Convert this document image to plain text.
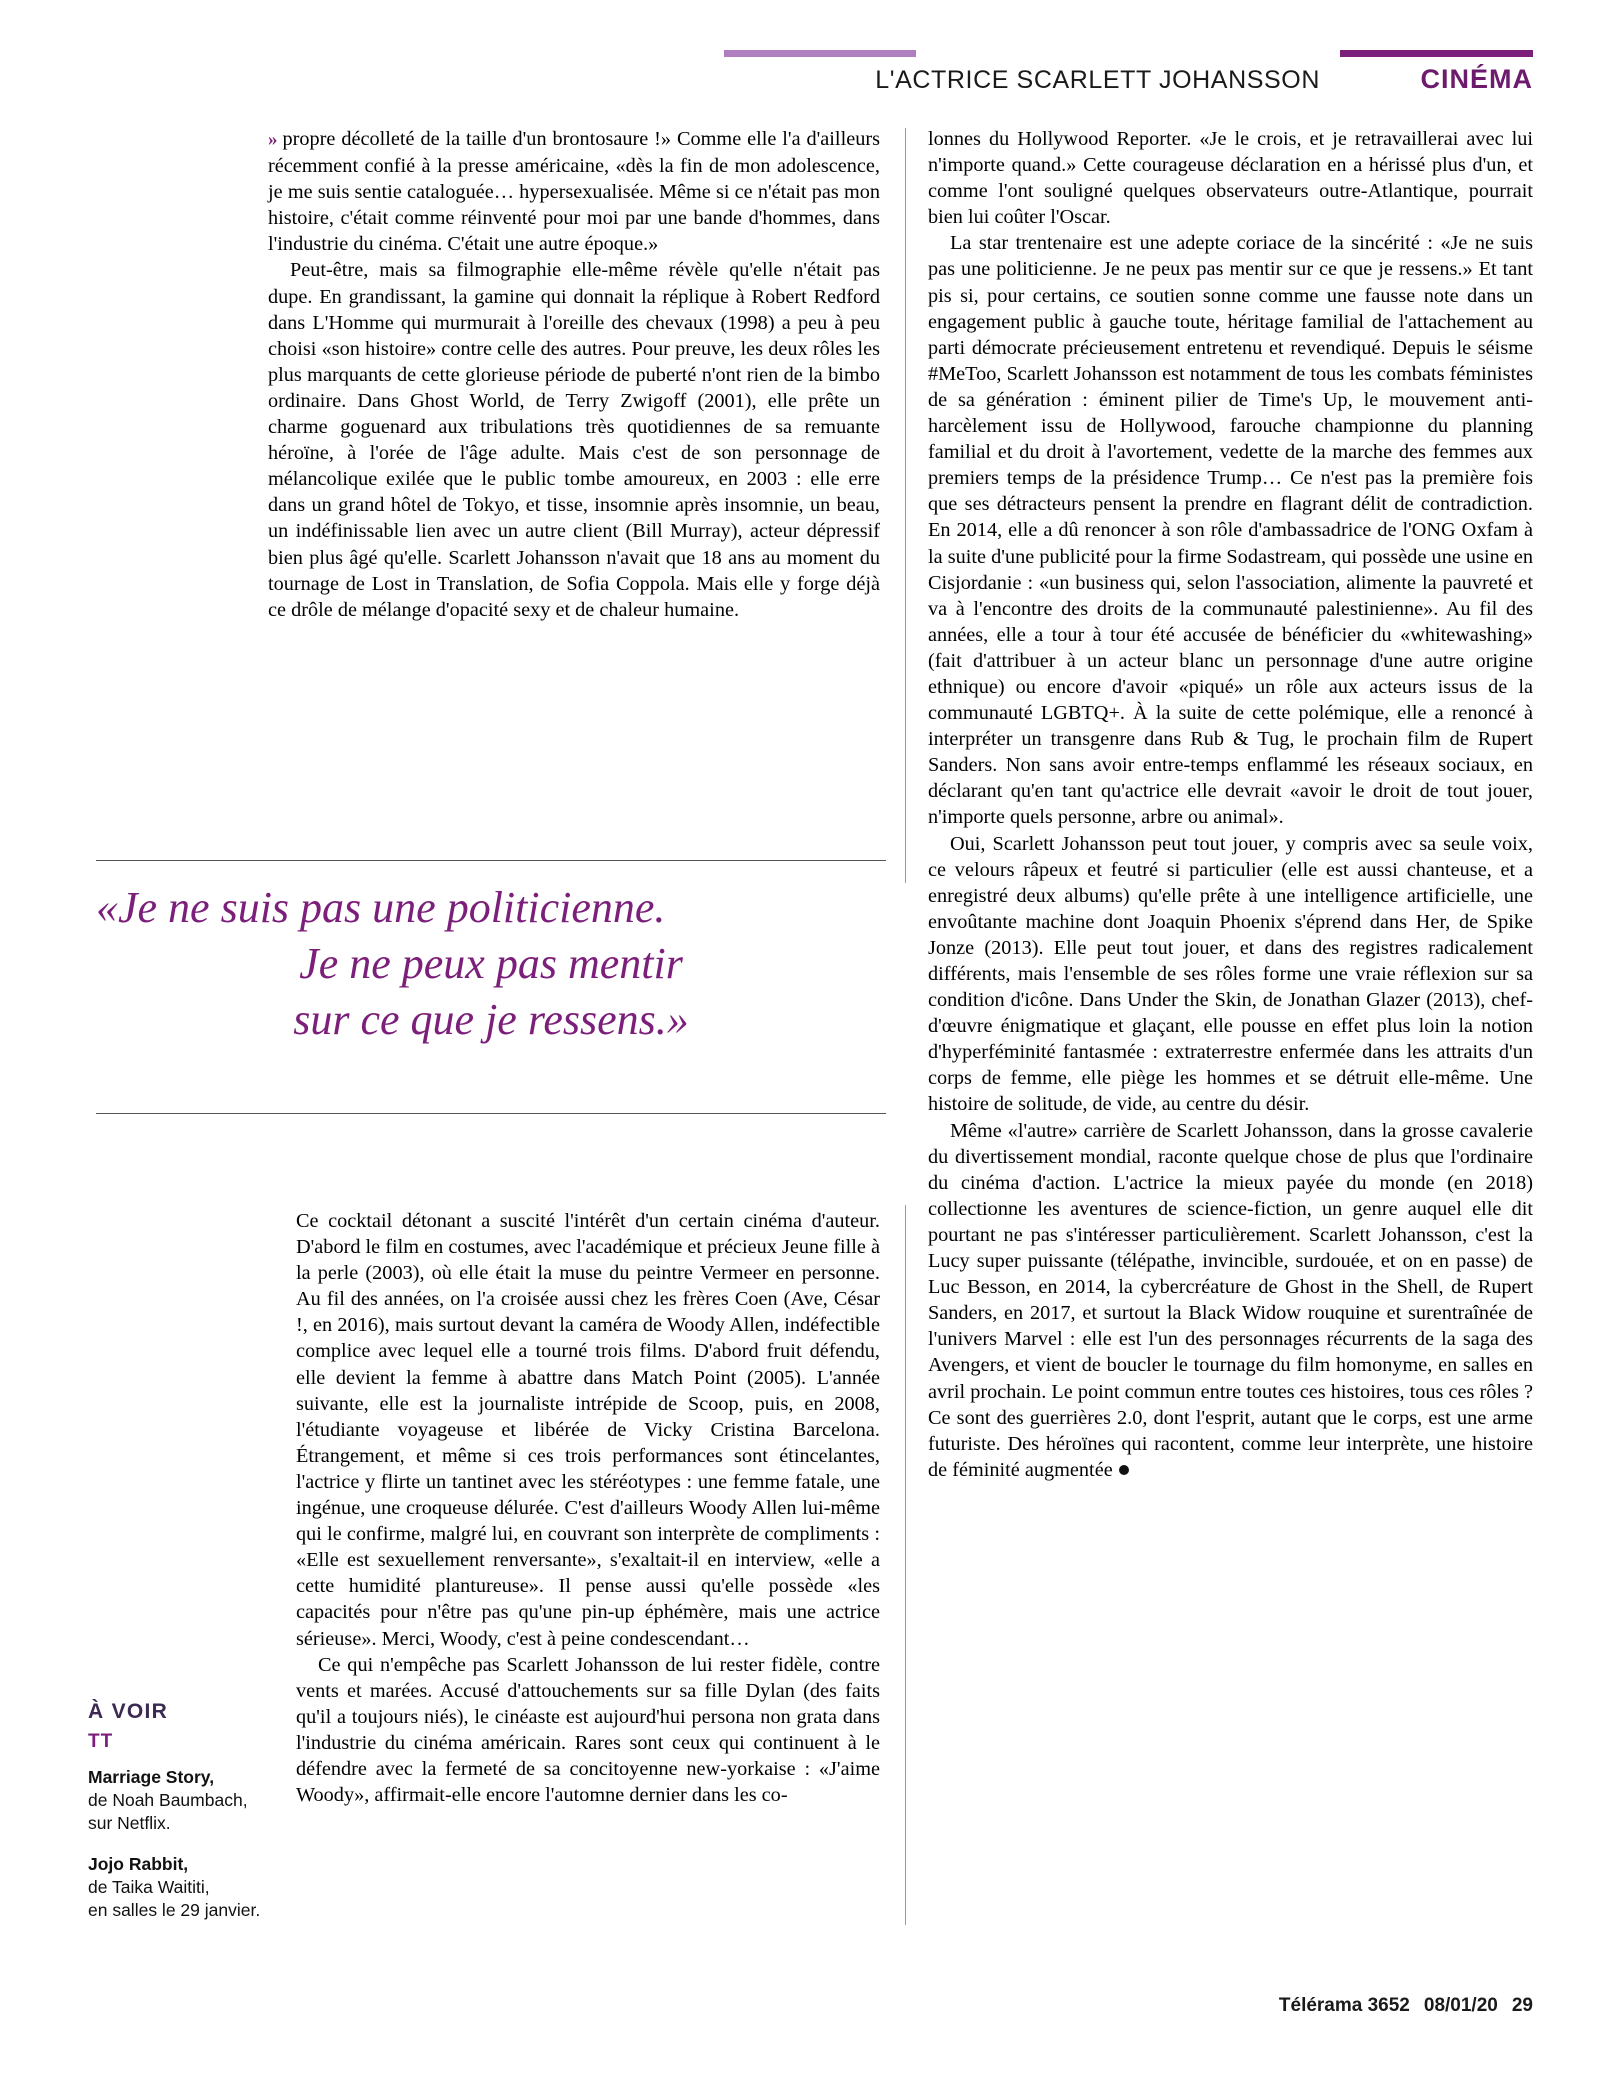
L'ACTRICE SCARLETT JOHANSSON	CINÉMA

» propre décolleté de la taille d'un brontosaure !» Comme elle l'a d'ailleurs récemment confié à la presse américaine, «dès la fin de mon adolescence, je me suis sentie cataloguée… hypersexualisée. Même si ce n'était pas mon histoire, c'était comme réinventé pour moi par une bande d'hommes, dans l'industrie du cinéma. C'était une autre époque.»

Peut-être, mais sa filmographie elle-même révèle qu'elle n'était pas dupe. En grandissant, la gamine qui donnait la réplique à Robert Redford dans L'Homme qui murmurait à l'oreille des chevaux (1998) a peu à peu choisi «son histoire» contre celle des autres. Pour preuve, les deux rôles les plus marquants de cette glorieuse période de puberté n'ont rien de la bimbo ordinaire. Dans Ghost World, de Terry Zwigoff (2001), elle prête un charme goguenard aux tribulations très quotidiennes de sa remuante héroïne, à l'orée de l'âge adulte. Mais c'est de son personnage de mélancolique exilée que le public tombe amoureux, en 2003 : elle erre dans un grand hôtel de Tokyo, et tisse, insomnie après insomnie, un beau, un indéfinissable lien avec un autre client (Bill Murray), acteur dépressif bien plus âgé qu'elle. Scarlett Johansson n'avait que 18 ans au moment du tournage de Lost in Translation, de Sofia Coppola. Mais elle y forge déjà ce drôle de mélange d'opacité sexy et de chaleur humaine.

«Je ne suis pas une politicienne.
Je ne peux pas mentir
sur ce que je ressens.»

Ce cocktail détonant a suscité l'intérêt d'un certain cinéma d'auteur. D'abord le film en costumes, avec l'académique et précieux Jeune fille à la perle (2003), où elle était la muse du peintre Vermeer en personne. Au fil des années, on l'a croisée aussi chez les frères Coen (Ave, César !, en 2016), mais surtout devant la caméra de Woody Allen, indéfectible complice avec lequel elle a tourné trois films. D'abord fruit défendu, elle devient la femme à abattre dans Match Point (2005). L'année suivante, elle est la journaliste intrépide de Scoop, puis, en 2008, l'étudiante voyageuse et libérée de Vicky Cristina Barcelona. Étrangement, et même si ces trois performances sont étincelantes, l'actrice y flirte un tantinet avec les stéréotypes : une femme fatale, une ingénue, une croqueuse délurée. C'est d'ailleurs Woody Allen lui-même qui le confirme, malgré lui, en couvrant son interprète de compliments : «Elle est sexuellement renversante», s'exaltait-il en interview, «elle a cette humidité plantureuse». Il pense aussi qu'elle possède «les capacités pour n'être pas qu'une pin-up éphémère, mais une actrice sérieuse». Merci, Woody, c'est à peine condescendant…

Ce qui n'empêche pas Scarlett Johansson de lui rester fidèle, contre vents et marées. Accusé d'attouchements sur sa fille Dylan (des faits qu'il a toujours niés), le cinéaste est aujourd'hui persona non grata dans l'industrie du cinéma américain. Rares sont ceux qui continuent à le défendre avec la fermeté de sa concitoyenne new-yorkaise : «J'aime Woody», affirmait-elle encore l'automne dernier dans les co-

lonnes du Hollywood Reporter. «Je le crois, et je retravaillerai avec lui n'importe quand.» Cette courageuse déclaration en a hérissé plus d'un, et comme l'ont souligné quelques observateurs outre-Atlantique, pourrait bien lui coûter l'Oscar.

La star trentenaire est une adepte coriace de la sincérité : «Je ne suis pas une politicienne. Je ne peux pas mentir sur ce que je ressens.» Et tant pis si, pour certains, ce soutien sonne comme une fausse note dans un engagement public à gauche toute, héritage familial de l'attachement au parti démocrate précieusement entretenu et revendiqué. Depuis le séisme #MeToo, Scarlett Johansson est notamment de tous les combats féministes de sa génération : éminent pilier de Time's Up, le mouvement anti-harcèlement issu de Hollywood, farouche championne du planning familial et du droit à l'avortement, vedette de la marche des femmes aux premiers temps de la présidence Trump… Ce n'est pas la première fois que ses détracteurs pensent la prendre en flagrant délit de contradiction. En 2014, elle a dû renoncer à son rôle d'ambassadrice de l'ONG Oxfam à la suite d'une publicité pour la firme Sodastream, qui possède une usine en Cisjordanie : «un business qui, selon l'association, alimente la pauvreté et va à l'encontre des droits de la communauté palestinienne». Au fil des années, elle a tour à tour été accusée de bénéficier du «whitewashing» (fait d'attribuer à un acteur blanc un personnage d'une autre origine ethnique) ou encore d'avoir «piqué» un rôle aux acteurs issus de la communauté LGBTQ+. À la suite de cette polémique, elle a renoncé à interpréter un transgenre dans Rub & Tug, le prochain film de Rupert Sanders. Non sans avoir entre-temps enflammé les réseaux sociaux, en déclarant qu'en tant qu'actrice elle devrait «avoir le droit de tout jouer, n'importe quels personne, arbre ou animal».

Oui, Scarlett Johansson peut tout jouer, y compris avec sa seule voix, ce velours râpeux et feutré si particulier (elle est aussi chanteuse, et a enregistré deux albums) qu'elle prête à une intelligence artificielle, une envoûtante machine dont Joaquin Phoenix s'éprend dans Her, de Spike Jonze (2013). Elle peut tout jouer, et dans des registres radicalement différents, mais l'ensemble de ses rôles forme une vraie réflexion sur sa condition d'icône. Dans Under the Skin, de Jonathan Glazer (2013), chef-d'œuvre énigmatique et glaçant, elle pousse en effet plus loin la notion d'hyperféminité fantasmée : extraterrestre enfermée dans les attraits d'un corps de femme, elle piège les hommes et se détruit elle-même. Une histoire de solitude, de vide, au centre du désir.

Même «l'autre» carrière de Scarlett Johansson, dans la grosse cavalerie du divertissement mondial, raconte quelque chose de plus que l'ordinaire du cinéma d'action. L'actrice la mieux payée du monde (en 2018) collectionne les aventures de science-fiction, un genre auquel elle dit pourtant ne pas s'intéresser particulièrement. Scarlett Johansson, c'est la Lucy super puissante (télépathe, invincible, surdouée, et on en passe) de Luc Besson, en 2014, la cybercréature de Ghost in the Shell, de Rupert Sanders, en 2017, et surtout la Black Widow rouquine et surentraînée de l'univers Marvel : elle est l'un des personnages récurrents de la saga des Avengers, et vient de boucler le tournage du film homonyme, en salles en avril prochain. Le point commun entre toutes ces histoires, tous ces rôles ? Ce sont des guerrières 2.0, dont l'esprit, autant que le corps, est une arme futuriste. Des héroïnes qui racontent, comme leur interprète, une histoire de féminité augmentée

À VOIR
TT
Marriage Story,
de Noah Baumbach,
sur Netflix.
Jojo Rabbit,
de Taika Waititi,
en salles le 29 janvier.
Télérama 3652 08/01/20 29
